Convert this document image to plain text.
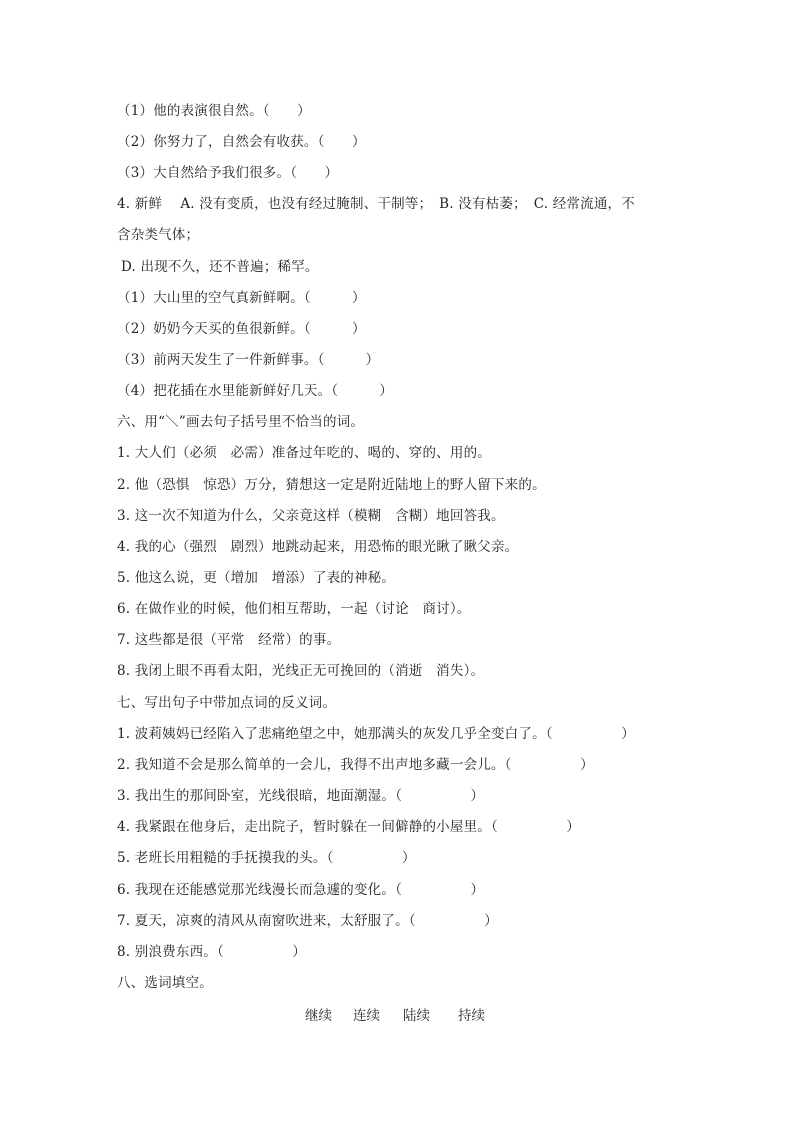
（1）他的表演很自然。（　　）
（2）你努力了，自然会有收获。（　　）
（3）大自然给予我们很多。（　　）
4. 新鲜　 A. 没有变质，也没有经过腌制、干制等；　B. 没有枯萎；　C. 经常流通，不
含杂类气体；
D. 出现不久，还不普遍；稀罕。
（1）大山里的空气真新鲜啊。（　　　）
（2）奶奶今天买的鱼很新鲜。（　　　）
（3）前两天发生了一件新鲜事。（　　　）
（4）把花插在水里能新鲜好几天。（　　　）
六、用“＼”画去句子括号里不恰当的词。
1. 大人们（必须　必需）准备过年吃的、喝的、穿的、用的。
2. 他（恐惧　惊恐）万分，猜想这一定是附近陆地上的野人留下来的。
3. 这一次不知道为什么，父亲竟这样（模糊　含糊）地回答我。
4. 我的心（强烈　剧烈）地跳动起来，用恐怖的眼光瞅了瞅父亲。
5. 他这么说，更（增加　增添）了表的神秘。
6. 在做作业的时候，他们相互帮助，一起（讨论　商讨）。
7. 这些都是很（平常　经常）的事。
8. 我闭上眼不再看太阳，光线正无可挽回的（消逝　消失）。
七、写出句子中带加点词的反义词。
1. 波莉姨妈已经陷入了悲痛绝望之中，她那满头的灰发几乎全变白了。（　　　　　）
2. 我知道不会是那么简单的一会儿，我得不出声地多藏一会儿。（　　　　　）
3. 我出生的那间卧室，光线很暗，地面潮湿。（　　　　　）
4. 我紧跟在他身后，走出院子，暂时躲在一间僻静的小屋里。（　　　　　）
5. 老班长用粗糙的手抚摸我的头。（　　　　　）
6. 我现在还能感觉那光线漫长而急遽的变化。（　　　　　）
7. 夏天，凉爽的清风从南窗吹进来，太舒服了。（　　　　　）
8. 别浪费东西。（　　　　　）
八、选词填空。
继续 连续 陆续 持续
